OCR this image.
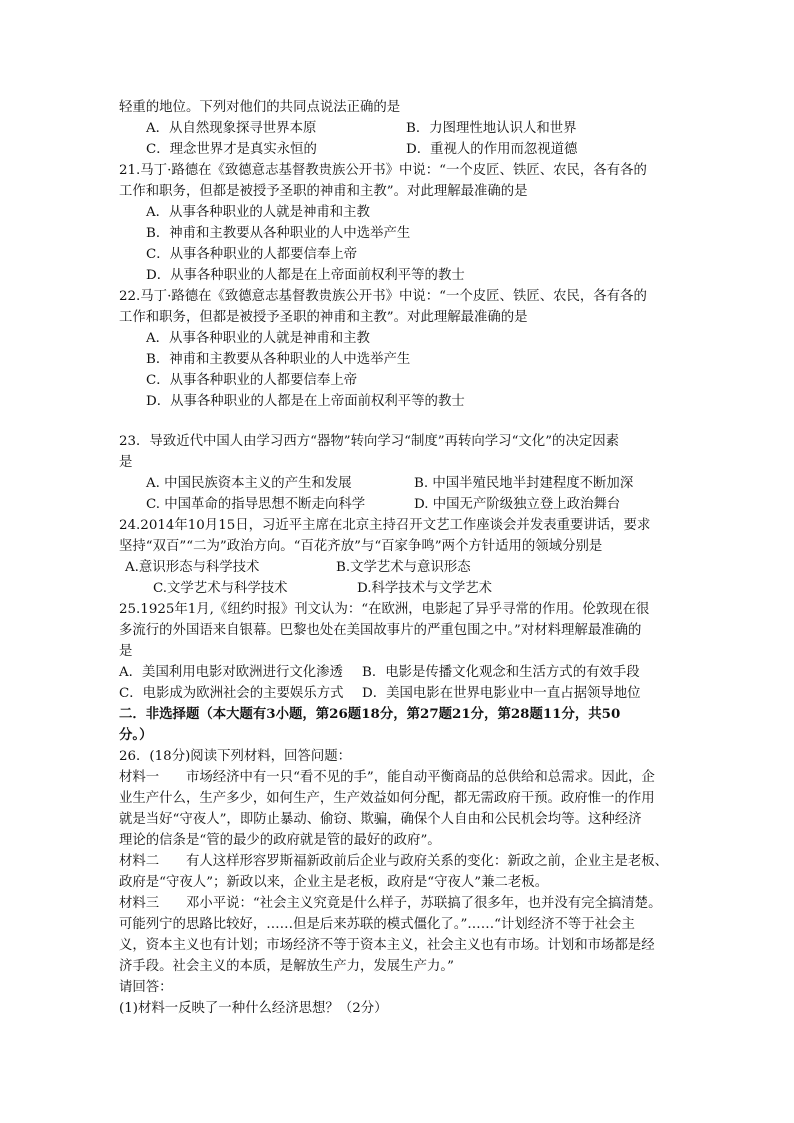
轻重的地位。下列对他们的共同点说法正确的是
A．从自然现象探寻世界本原	B．力图理性地认识人和世界
C．理念世界才是真实永恒的	D．重视人的作用而忽视道德
21.马丁·路德在《致德意志基督教贵族公开书》中说：“一个皮匠、铁匠、农民，各有各的
工作和职务，但都是被授予圣职的神甫和主教”。对此理解最准确的是
A．从事各种职业的人就是神甫和主教
B．神甫和主教要从各种职业的人中选举产生
C．从事各种职业的人都要信奉上帝
D．从事各种职业的人都是在上帝面前权利平等的教士
22.马丁·路德在《致德意志基督教贵族公开书》中说：“一个皮匠、铁匠、农民，各有各的
工作和职务，但都是被授予圣职的神甫和主教”。对此理解最准确的是
A．从事各种职业的人就是神甫和主教
B．神甫和主教要从各种职业的人中选举产生
C．从事各种职业的人都要信奉上帝
D．从事各种职业的人都是在上帝面前权利平等的教士
23．导致近代中国人由学习西方“器物”转向学习“制度”再转向学习“文化”的决定因素
是
A. 中国民族资本主义的产生和发展	B. 中国半殖民地半封建程度不断加深
C. 中国革命的指导思想不断走向科学	D. 中国无产阶级独立登上政治舞台
24.2014年10月15日，习近平主席在北京主持召开文艺工作座谈会并发表重要讲话，要求
坚持“双百”“二为”政治方向。“百花齐放”与“百家争鸣”两个方针适用的领域分别是
A.意识形态与科学技术	B.文学艺术与意识形态
C.文学艺术与科学技术	D.科学技术与文学艺术
25.1925年1月,《纽约时报》刊文认为：“在欧洲，电影起了异乎寻常的作用。伦敦现在很
多流行的外国语来自银幕。巴黎也处在美国故事片的严重包围之中。”对材料理解最准确的
是
A．美国利用电影对欧洲进行文化渗透 B．电影是传播文化观念和生活方式的有效手段
C．电影成为欧洲社会的主要娱乐方式 D．美国电影在世界电影业中一直占据领导地位
二．非选择题（本大题有3小题，第26题18分，第27题21分，第28题11分，共50
分。）
26．(18分)阅读下列材料，回答问题：
材料一　　市场经济中有一只“看不见的手”，能自动平衡商品的总供给和总需求。因此，企
业生产什么，生产多少，如何生产，生产效益如何分配，都无需政府干预。政府惟一的作用
就是当好“守夜人”，即防止暴动、偷窃、欺骗，确保个人自由和公民机会均等。这种经济
理论的信条是“管的最少的政府就是管的最好的政府”。
材料二　　有人这样形容罗斯福新政前后企业与政府关系的变化：新政之前，企业主是老板、
政府是“守夜人”；新政以来，企业主是老板，政府是“守夜人”兼二老板。
材料三　　邓小平说：“社会主义究竟是什么样子，苏联搞了很多年，也并没有完全搞清楚。
可能列宁的思路比较好，……但是后来苏联的模式僵化了。”……“计划经济不等于社会主
义，资本主义也有计划；市场经济不等于资本主义，社会主义也有市场。计划和市场都是经
济手段。社会主义的本质，是解放生产力，发展生产力。”
请回答：
(1)材料一反映了一种什么经济思想？（2分）
